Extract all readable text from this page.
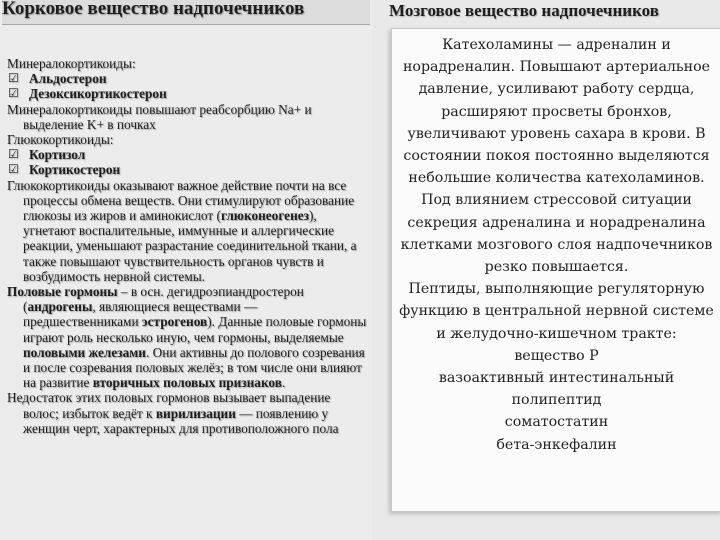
Корковое вещество надпочечников

Минералокортикоиды:

☑ Альдостерон

☑ Дезоксикортикостерон

Минералокортикоиды повышают реабсорбцию Na+ и выделение K+ в почках

Глюкокортикоиды:

☑ Кортизол

☑ Кортикостерон

Глюкокортикоиды оказывают важное действие почти на все процессы обмена веществ. Они стимулируют образование глюкозы из жиров и аминокислот (глюконеогенез), угнетают воспалительные, иммунные и аллергические реакции, уменьшают разрастание соединительной ткани, а также повышают чувствительность органов чувств и возбудимость нервной системы.

Половые гормоны – в осн. дегидроэпиандростерон (андрогены, являющиеся веществами — предшественниками эстрогенов). Данные половые гормоны играют роль несколько иную, чем гормоны, выделяемые половыми железами. Они активны до полового созревания и после созревания половых желёз; в том числе они влияют на развитие вторичных половых признаков.

Недостаток этих половых гормонов вызывает выпадение волос; избыток ведёт к вирилизации — появлению у женщин черт, характерных для противоположного пола

Мозговое вещество надпочечников

Катехоламины — адреналин и норадреналин. Повышают артериальное давление, усиливают работу сердца, расширяют просветы бронхов, увеличивают уровень сахара в крови. В состоянии покоя постоянно выделяются небольшие количества катехоламинов. Под влиянием стрессовой ситуации секреция адреналина и норадреналина клетками мозгового слоя надпочечников резко повышается.

Пептиды, выполняющие регуляторную функцию в центральной нервной системе и желудочно-кишечном тракте:

вещество P

вазоактивный интестинальный полипептид

соматостатин

бета-энкефалин
